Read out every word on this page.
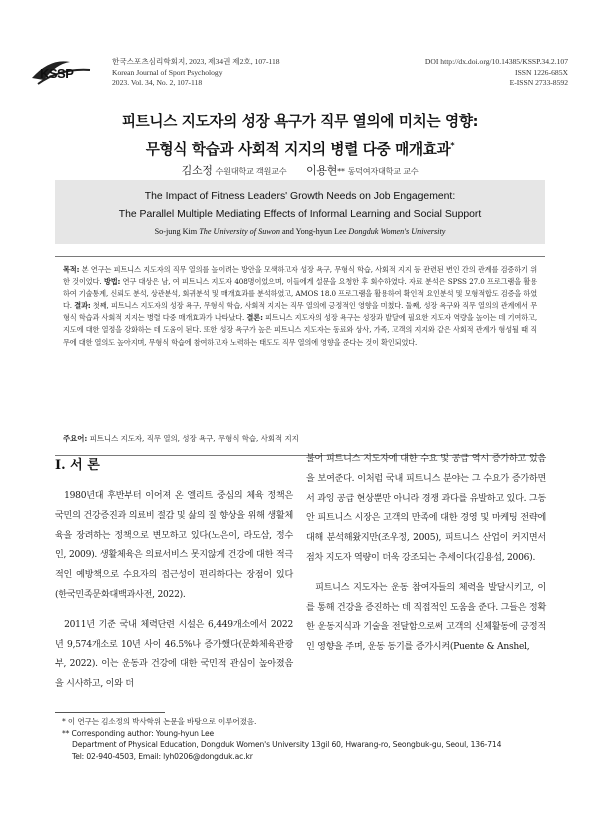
KSSP
한국스포츠심리학회지, 2023, 제34권 제2호, 107-118
Korean Journal of Sport Psychology
2023. Vol. 34, No. 2, 107-118
DOI http://dx.doi.org/10.14385/KSSP.34.2.107
ISSN 1226-685X
E-ISSN 2733-8592
피트니스 지도자의 성장 욕구가 직무 열의에 미치는 영향:
무형식 학습과 사회적 지지의 병렬 다중 매개효과*
김소정 수원대학교 객원교수 이용현** 동덕여자대학교 교수
The Impact of Fitness Leaders' Growth Needs on Job Engagement:
The Parallel Multiple Mediating Effects of Informal Learning and Social Support
So-jung Kim The University of Suwon and Yong-hyun Lee Dongduk Women's University
목적: 본 연구는 피트니스 지도자의 직무 열의를 높이려는 방안을 모색하고자 성장 욕구, 무형식 학습, 사회적 지지 등 관련된 변인 간의 관계를 검증하기 위한 것이었다. 방법: 연구 대상은 남, 여 피트니스 지도자 408명이었으며, 이들에게 설문을 요청한 후 회수하였다. 자료 분석은 SPSS 27.0 프로그램을 활용하여 기술통계, 신뢰도 분석, 상관분석, 회귀분석 및 매개효과를 분석하였고, AMOS 18.0 프로그램을 활용하여 확인적 요인분석 및 모형적합도 검증을 하였다. 결과: 첫째, 피트니스 지도자의 성장 욕구, 무형식 학습, 사회적 지지는 직무 열의에 긍정적인 영향을 미쳤다. 둘째, 성장 욕구와 직무 열의의 관계에서 무형식 학습과 사회적 지지는 병렬 다중 매개효과가 나타났다. 결론: 피트니스 지도자의 성장 욕구는 성장과 발달에 필요한 지도자 역량을 높이는 데 기여하고, 지도에 대한 열정을 강화하는 데 도움이 된다. 또한 성장 욕구가 높은 피트니스 지도자는 동료와 상사, 가족, 고객의 지지와 같은 사회적 관계가 형성될 때 직무에 대한 열의도 높아지며, 무형식 학습에 참여하고자 노력하는 태도도 직무 열의에 영향을 준다는 것이 확인되었다.
주요어: 피트니스 지도자, 직무 열의, 성장 욕구, 무형식 학습, 사회적 지지
I. 서 론

1980년대 후반부터 이어져 온 엘리트 중심의 체육 정책은 국민의 건강증진과 의료비 절감 및 삶의 질 향상을 위해 생활체육을 장려하는 정책으로 변모하고 있다(노은이, 라도삼, 정수인, 2009). 생활체육은 의료서비스 못지않게 건강에 대한 적극적인 예방책으로 수요자의 접근성이 편리하다는 장점이 있다(한국민족문화대백과사전, 2022).

2011년 기준 국내 체력단련 시설은 6,449개소에서 2022년 9,574개소로 10년 사이 46.5%나 증가했다(문화체육관광부, 2022). 이는 운동과 건강에 대한 국민적 관심이 높아졌음을 시사하고, 이와 더

불어 피트니스 지도자에 대한 수요 및 공급 역시 증가하고 있음을 보여준다. 이처럼 국내 피트니스 분야는 그 수요가 증가하면서 과잉 공급 현상뿐만 아니라 경쟁 과다를 유발하고 있다. 그동안 피트니스 시장은 고객의 만족에 대한 경영 및 마케팅 전략에 대해 분석해왔지만(조우정, 2005), 피트니스 산업이 커지면서 점차 지도자 역량이 더욱 강조되는 추세이다(김용섭, 2006).

피트니스 지도자는 운동 참여자들의 체력을 발달시키고, 이를 통해 건강을 증진하는 데 직접적인 도움을 준다. 그들은 정확한 운동지식과 기술을 전달함으로써 고객의 신체활동에 긍정적인 영향을 주며, 운동 동기를 증가시켜(Puente & Anshel,

* 이 연구는 김소정의 박사학위 논문을 바탕으로 이루어졌음.
** Corresponding author: Young-hyun Lee
Department of Physical Education, Dongduk Women's University 13gil 60, Hwarang-ro, Seongbuk-gu, Seoul, 136-714
Tel: 02-940-4503, Email: lyh0206@dongduk.ac.kr
